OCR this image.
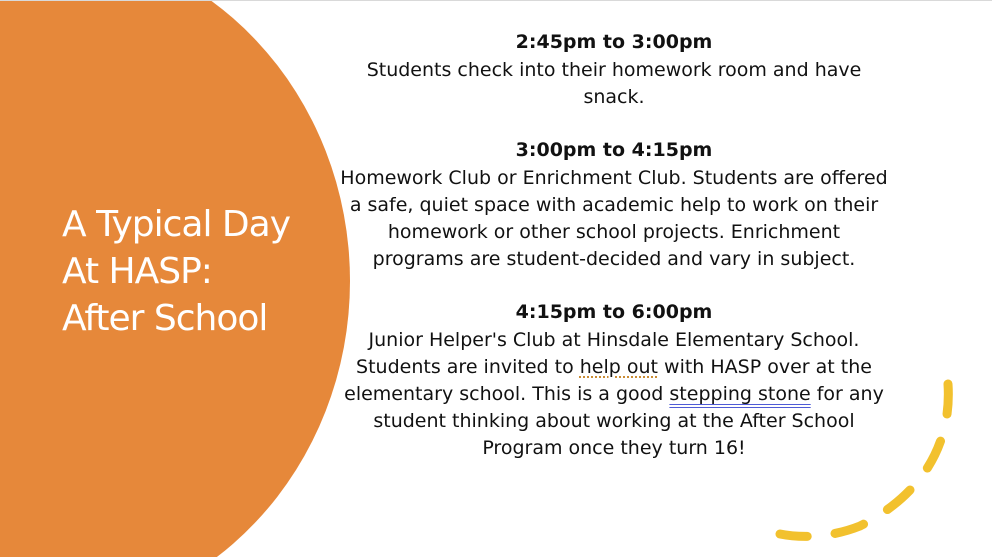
A Typical Day
At HASP:
After School

2:45pm to 3:00pm

Students check into their homework room and have snack.

3:00pm to 4:15pm

Homework Club or Enrichment Club. Students are offered a safe, quiet space with academic help to work on their homework or other school projects. Enrichment programs are student-decided and vary in subject.

4:15pm to 6:00pm

Junior Helper's Club at Hinsdale Elementary School. Students are invited to help out with HASP over at the elementary school. This is a good stepping stone for any student thinking about working at the After School Program once they turn 16!
